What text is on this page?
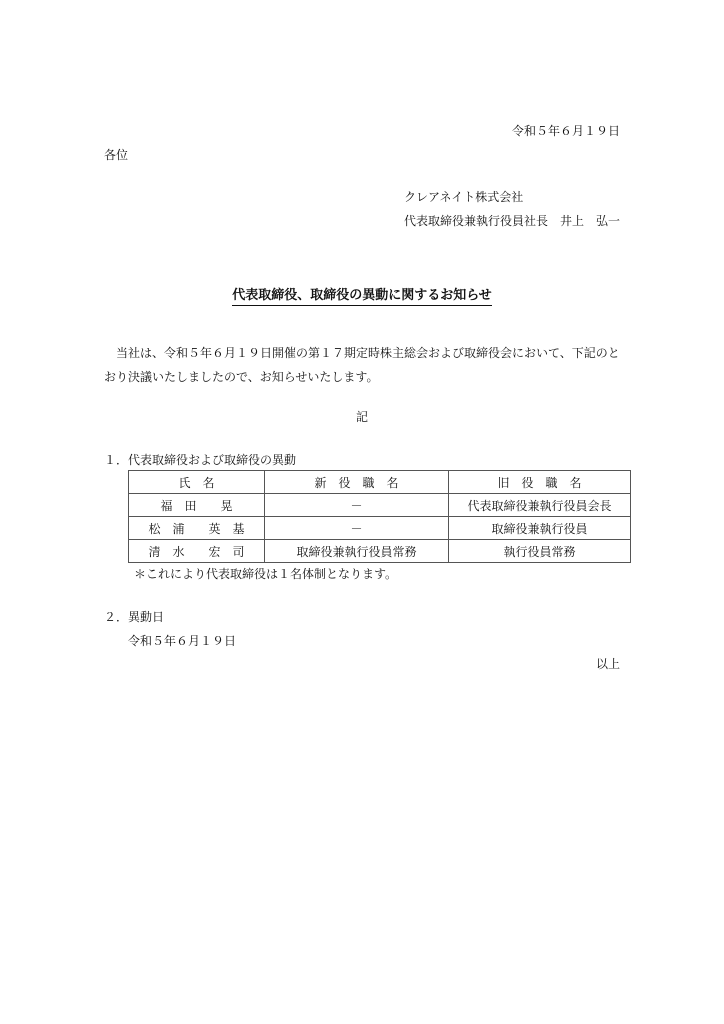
令和５年６月１９日
各位
クレアネイト株式会社
代表取締役兼執行役員社長　井上　弘一
代表取締役、取締役の異動に関するお知らせ
当社は、令和５年６月１９日開催の第１７期定時株主総会および取締役会において、下記のとおり決議いたしましたので、お知らせいたします。
記
１．代表取締役および取締役の異動
氏　名	新　役　職　名	旧　役　職　名
福　田　　晃	－	代表取締役兼執行役員会長
松　浦　　英　基	－	取締役兼執行役員
清　水　　宏　司	取締役兼執行役員常務	執行役員常務
＊これにより代表取締役は１名体制となります。
２．異動日
令和５年６月１９日
以上
